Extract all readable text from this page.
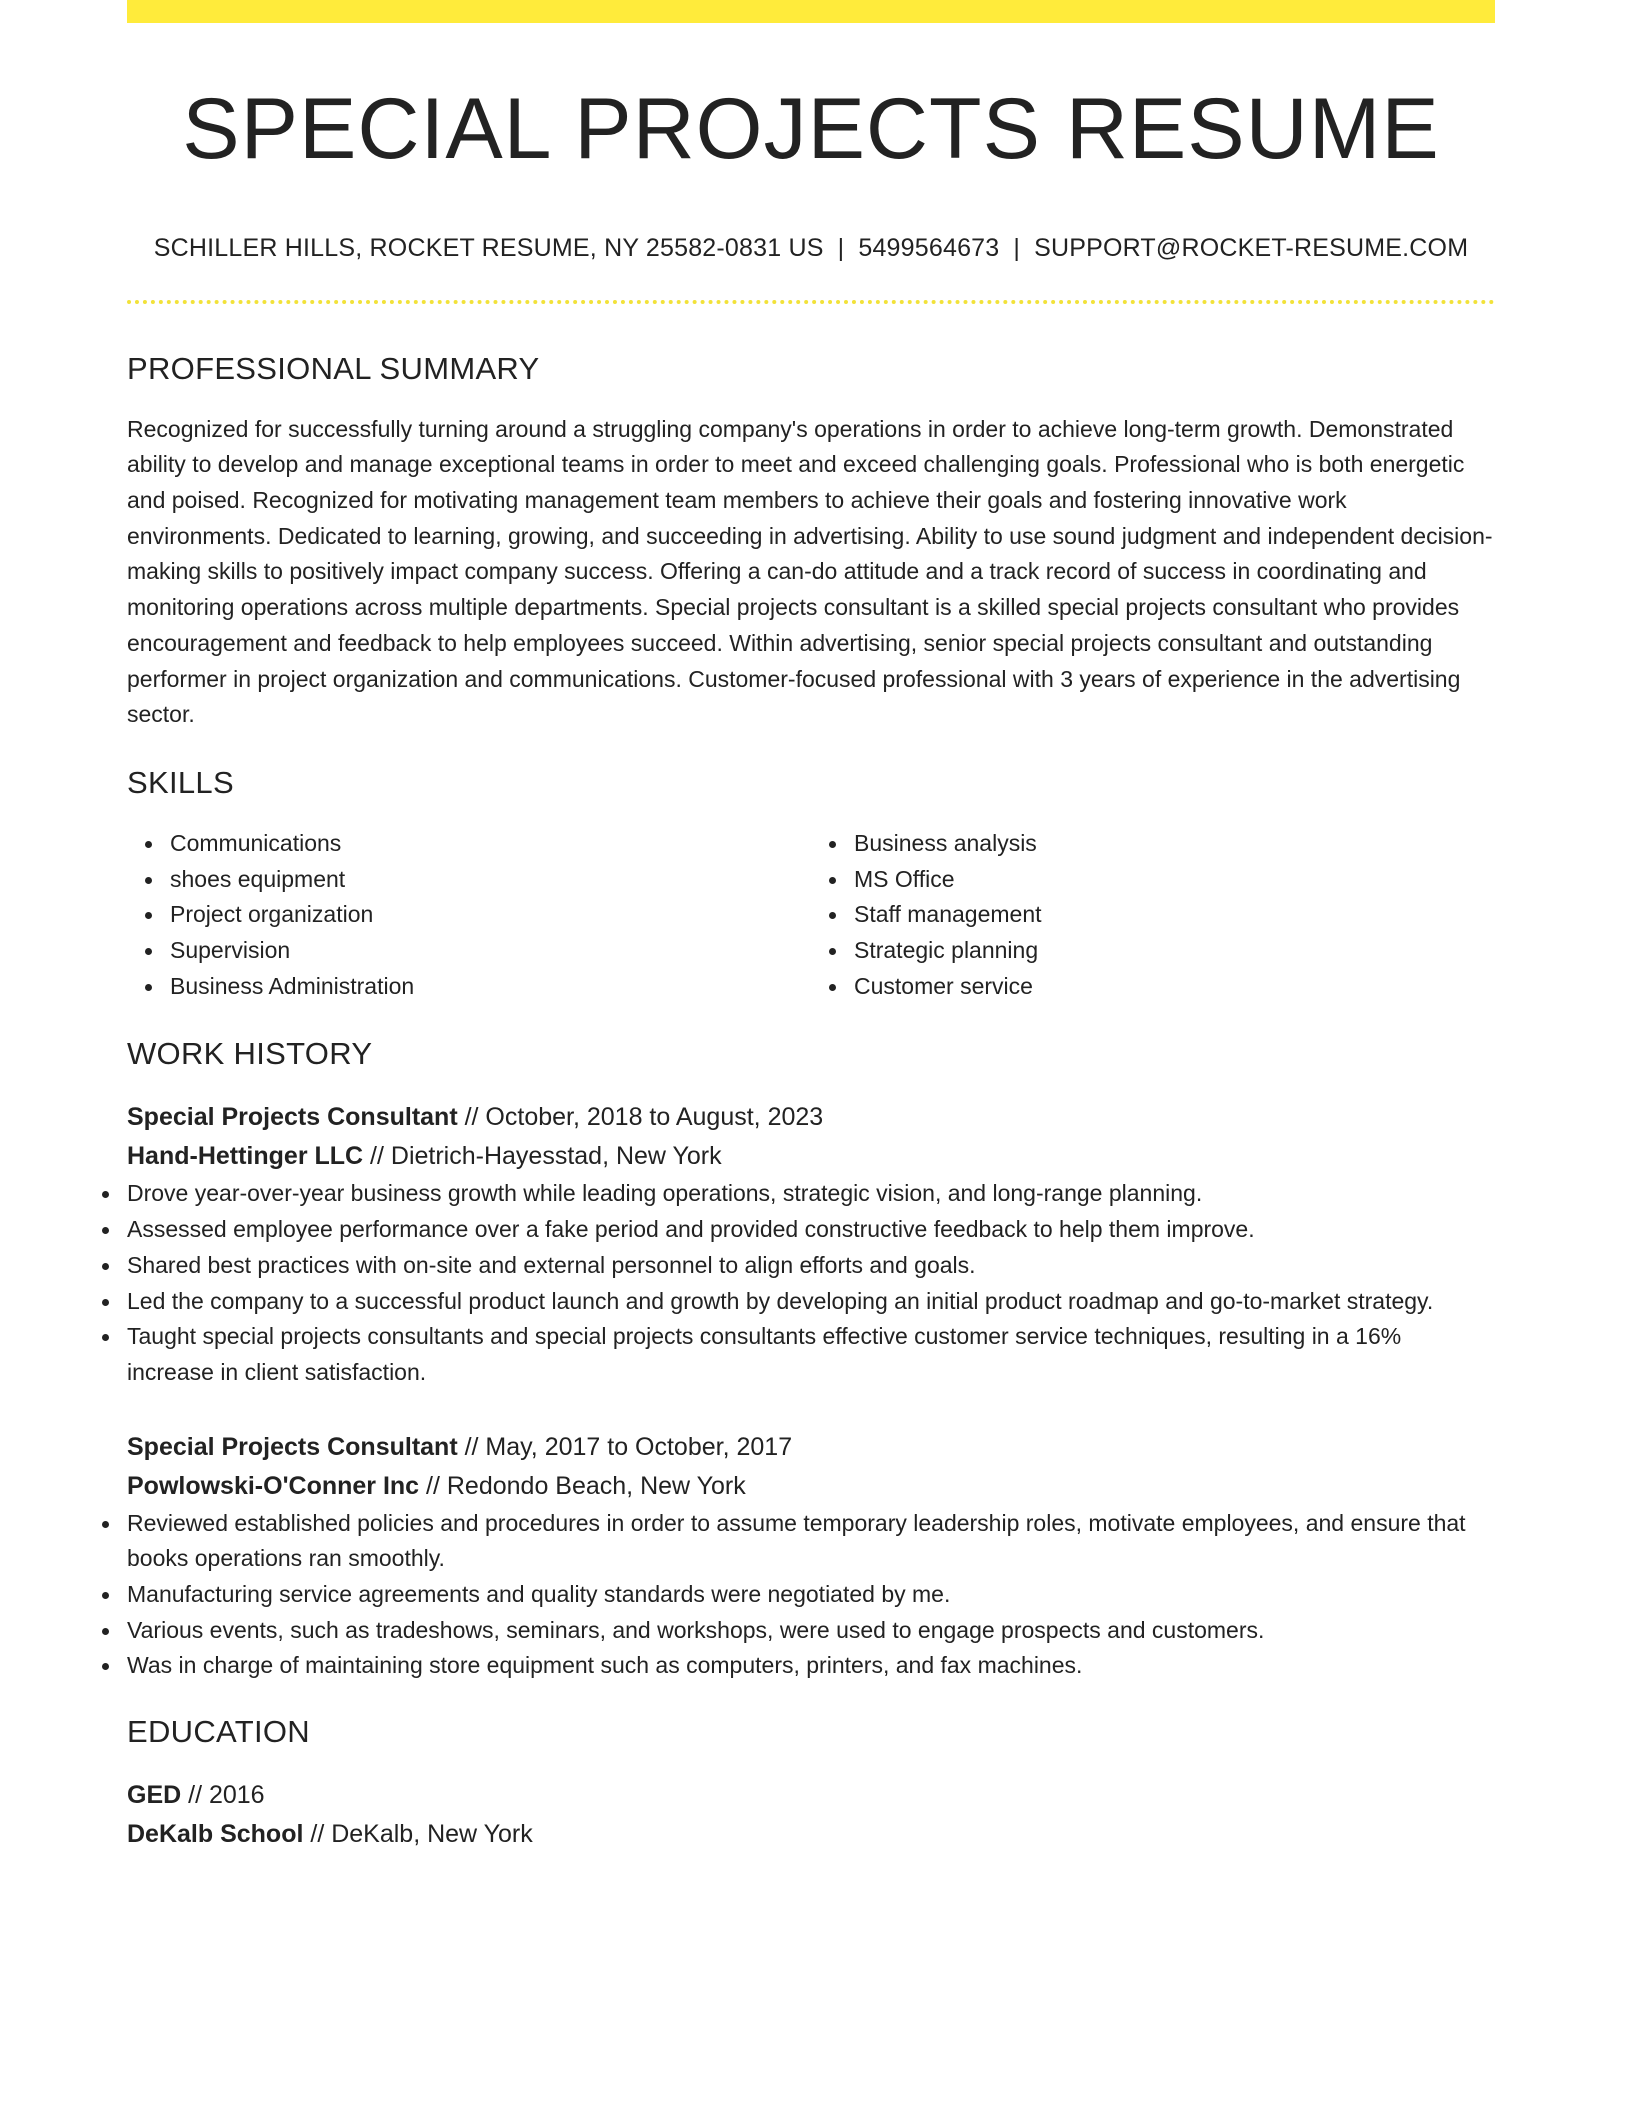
SPECIAL PROJECTS RESUME
SCHILLER HILLS, ROCKET RESUME, NY 25582-0831 US | 5499564673 | SUPPORT@ROCKET-RESUME.COM
PROFESSIONAL SUMMARY

Recognized for successfully turning around a struggling company's operations in order to achieve long-term growth. Demonstrated ability to develop and manage exceptional teams in order to meet and exceed challenging goals. Professional who is both energetic and poised. Recognized for motivating management team members to achieve their goals and fostering innovative work environments. Dedicated to learning, growing, and succeeding in advertising. Ability to use sound judgment and independent decision-making skills to positively impact company success. Offering a can-do attitude and a track record of success in coordinating and monitoring operations across multiple departments. Special projects consultant is a skilled special projects consultant who provides encouragement and feedback to help employees succeed. Within advertising, senior special projects consultant and outstanding performer in project organization and communications. Customer-focused professional with 3 years of experience in the advertising sector.

SKILLS
Communications
shoes equipment
Project organization
Supervision
Business Administration
Business analysis
MS Office
Staff management
Strategic planning
Customer service
WORK HISTORY
Special Projects Consultant // October, 2018 to August, 2023
Hand-Hettinger LLC // Dietrich-Hayesstad, New York
Drove year-over-year business growth while leading operations, strategic vision, and long-range planning.
Assessed employee performance over a fake period and provided constructive feedback to help them improve.
Shared best practices with on-site and external personnel to align efforts and goals.
Led the company to a successful product launch and growth by developing an initial product roadmap and go-to-market strategy.
Taught special projects consultants and special projects consultants effective customer service techniques, resulting in a 16% increase in client satisfaction.
Special Projects Consultant // May, 2017 to October, 2017
Powlowski-O'Conner Inc // Redondo Beach, New York
Reviewed established policies and procedures in order to assume temporary leadership roles, motivate employees, and ensure that books operations ran smoothly.
Manufacturing service agreements and quality standards were negotiated by me.
Various events, such as tradeshows, seminars, and workshops, were used to engage prospects and customers.
Was in charge of maintaining store equipment such as computers, printers, and fax machines.
EDUCATION
GED // 2016
DeKalb School // DeKalb, New York
